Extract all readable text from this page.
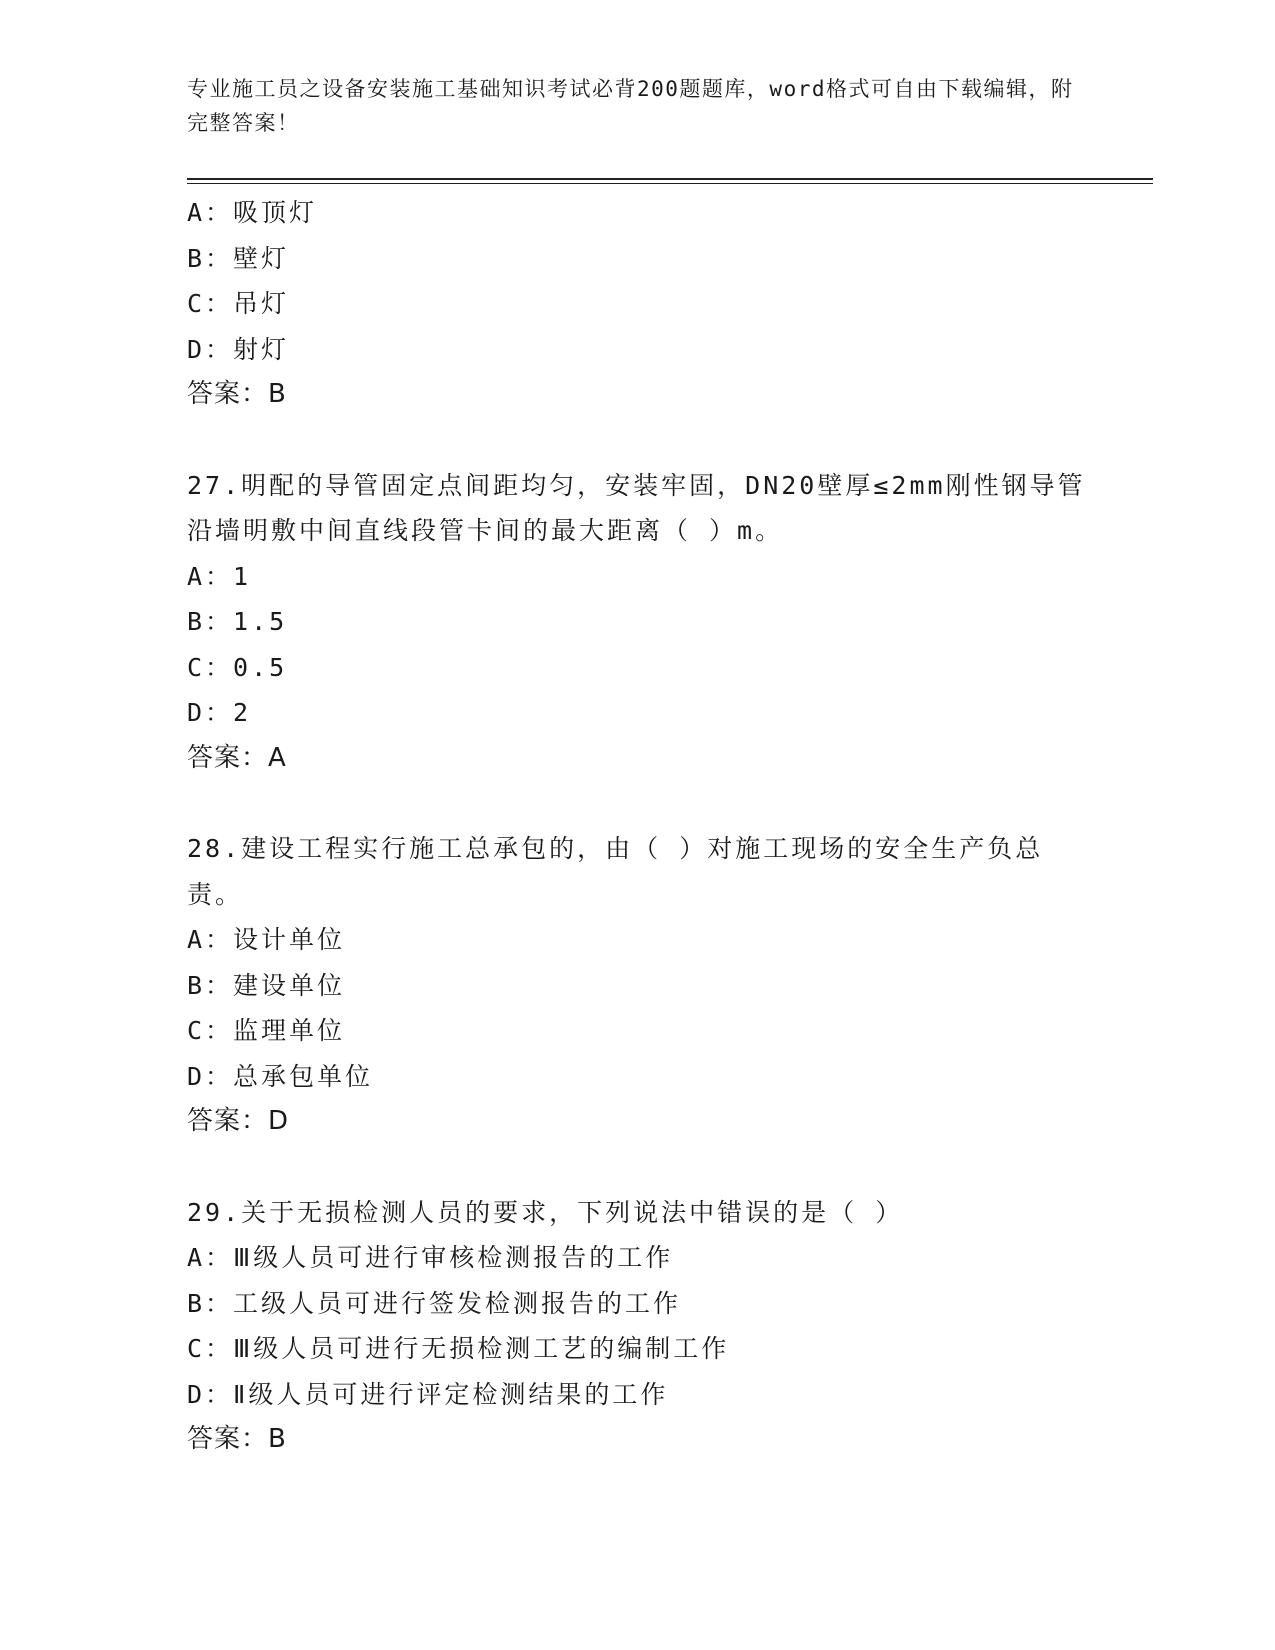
专业施工员之设备安装施工基础知识考试必背200题题库，word格式可自由下载编辑，附完整答案！
A：吸顶灯
B：壁灯
C：吊灯
D：射灯
答案：B
27.明配的导管固定点间距均匀，安装牢固，DN20壁厚≤2mm刚性钢导管沿墙明敷中间直线段管卡间的最大距离（ ）m。
A：1
B：1.5
C：0.5
D：2
答案：A
28.建设工程实行施工总承包的，由（ ）对施工现场的安全生产负总责。
A：设计单位
B：建设单位
C：监理单位
D：总承包单位
答案：D
29.关于无损检测人员的要求，下列说法中错误的是（ ）
A：Ⅲ级人员可进行审核检测报告的工作
B：工级人员可进行签发检测报告的工作
C：Ⅲ级人员可进行无损检测工艺的编制工作
D：Ⅱ级人员可进行评定检测结果的工作
答案：B
